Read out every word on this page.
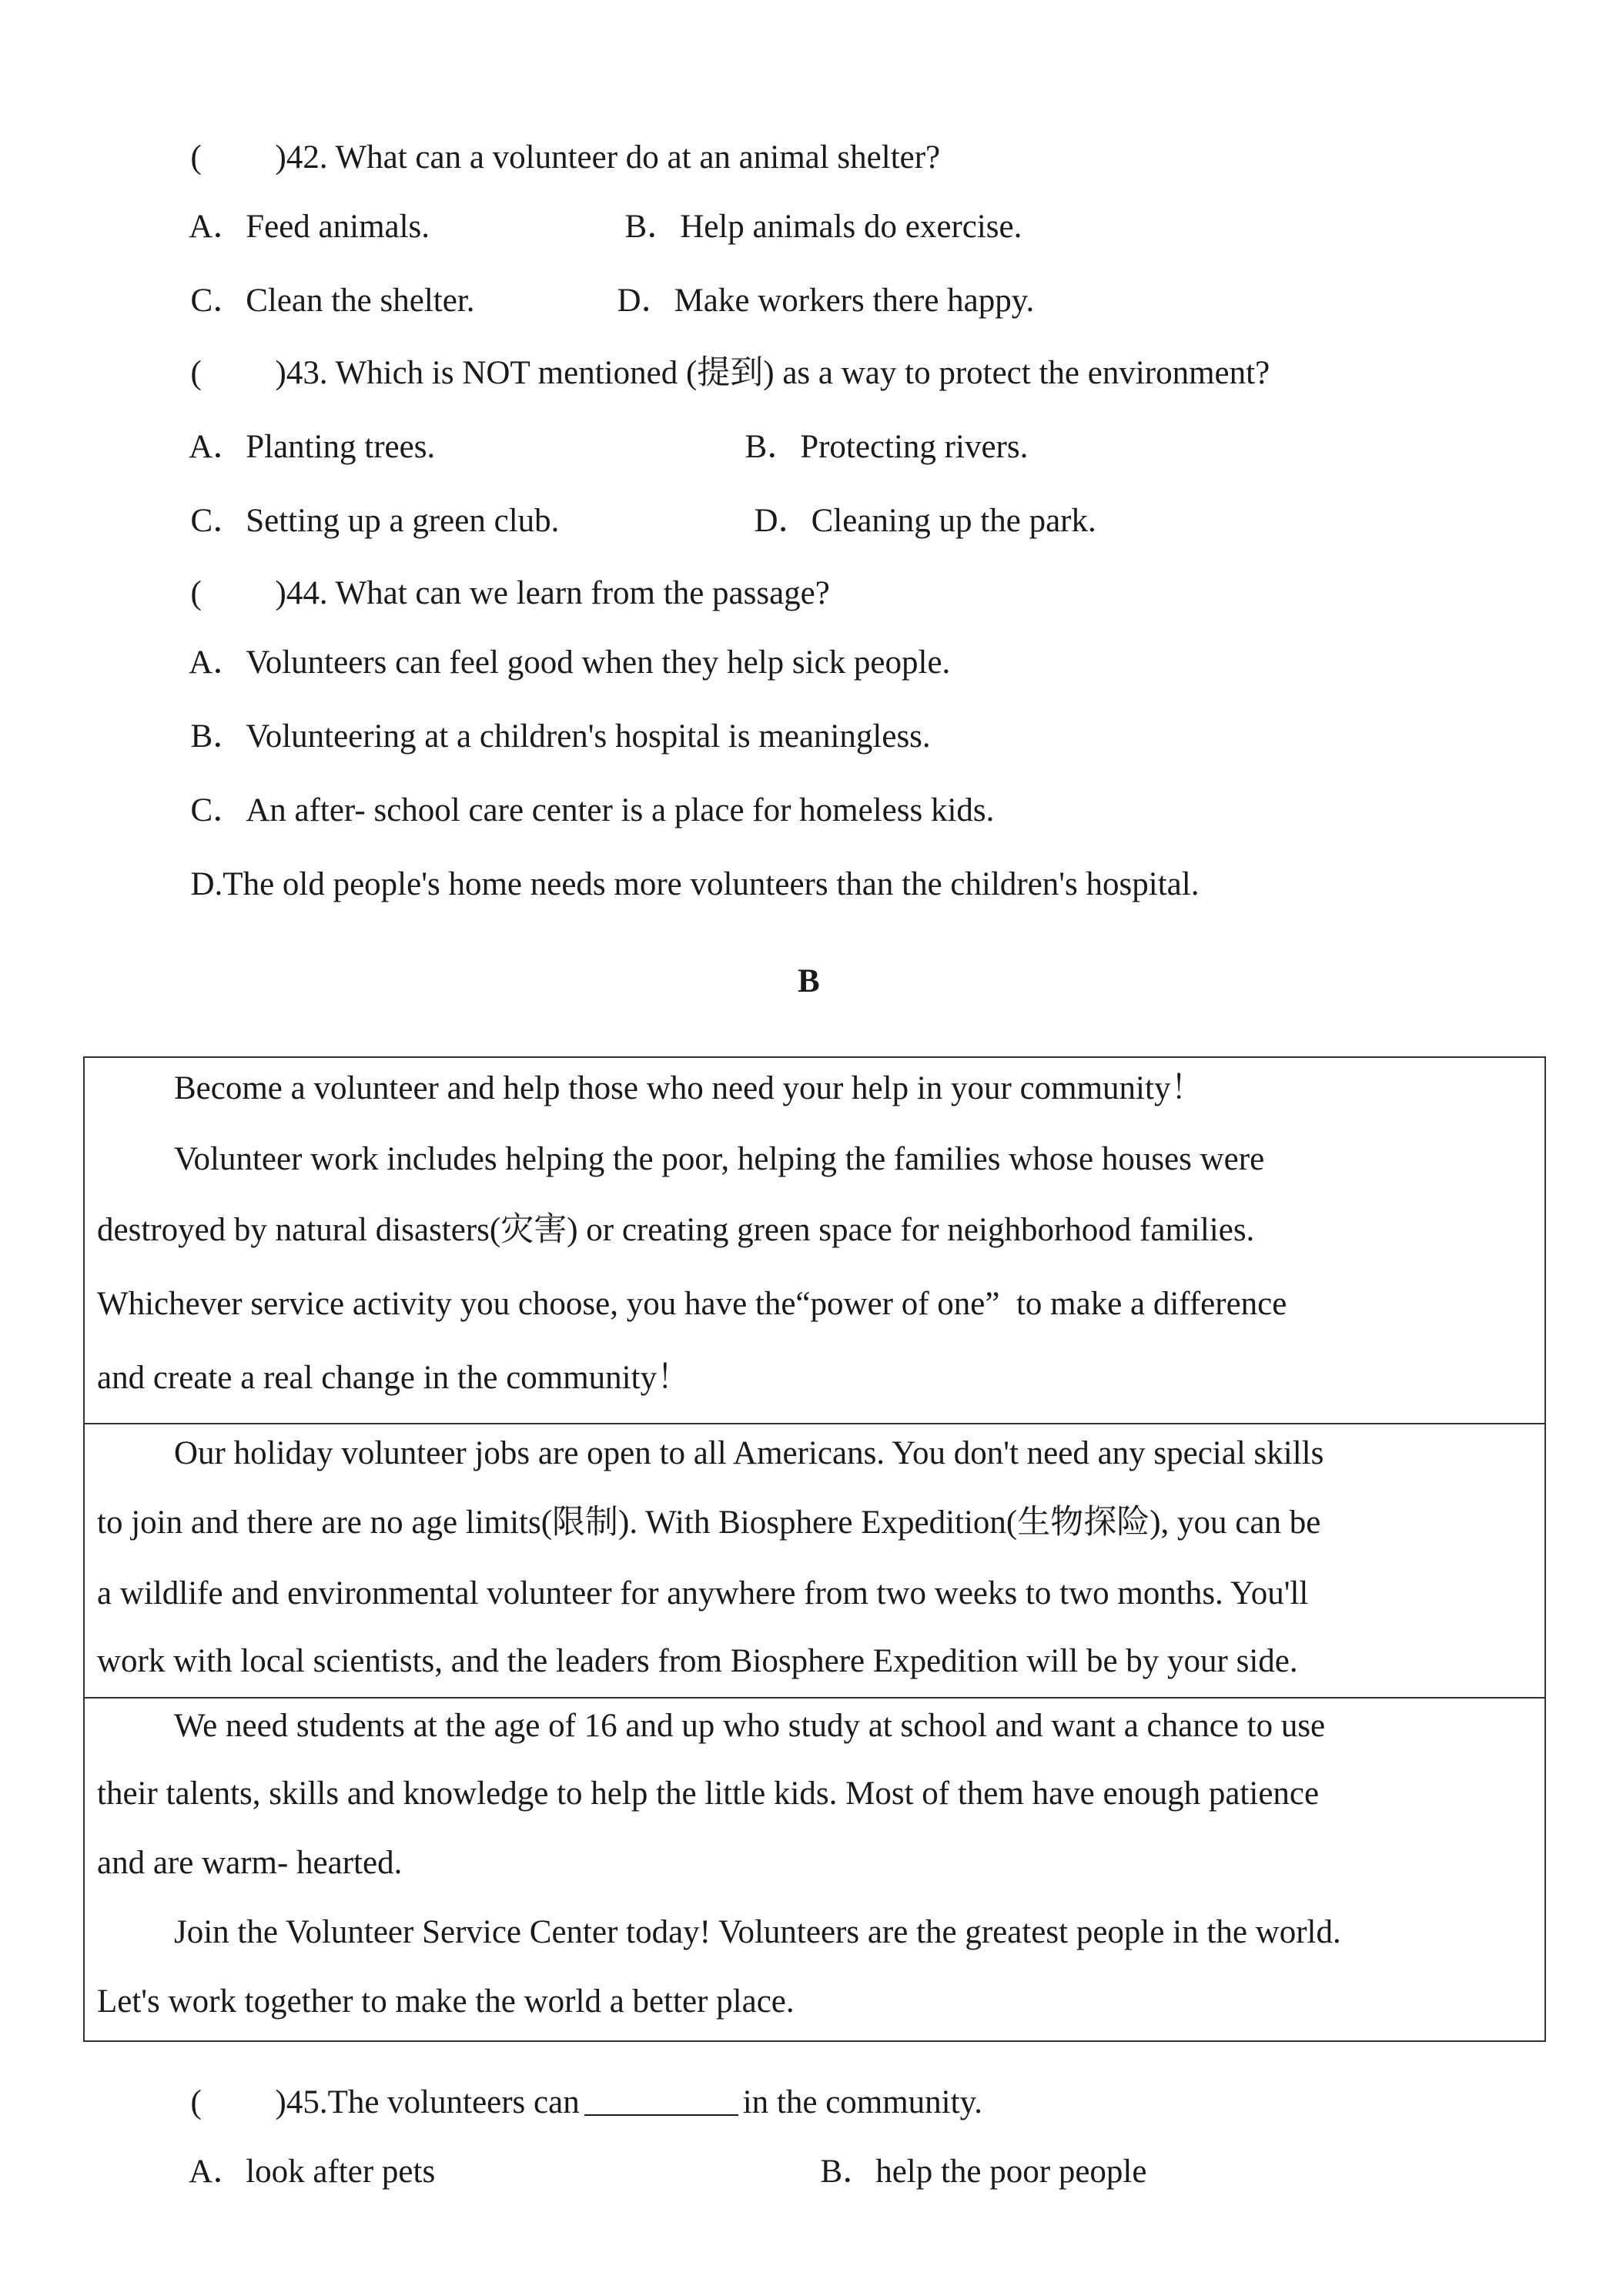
( )42. What can a volunteer do at an animal shelter?

A．Feed animals.	B．Help animals do exercise.

C．Clean the shelter.	D．Make workers there happy.

( )43. Which is NOT mentioned (提到) as a way to protect the environment?

A．Planting trees.	B．Protecting rivers.

C．Setting up a green club.	D．Cleaning up the park.

( )44. What can we learn from the passage?

A．Volunteers can feel good when they help sick people.

B．Volunteering at a children's hospital is meaningless.

C．An after- school care center is a place for homeless kids.

D.The old people's home needs more volunteers than the children's hospital.

B
Become a volunteer and help those who need your help in your community！
Volunteer work includes helping the poor, helping the families whose houses were
destroyed by natural disasters(灾害) or creating green space for neighborhood families.
Whichever service activity you choose, you have the“power of one”  to make a difference
and create a real change in the community！
Our holiday volunteer jobs are open to all Americans. You don't need any special skills
to join and there are no age limits(限制). With Biosphere Expedition(生物探险), you can be
a wildlife and environmental volunteer for anywhere from two weeks to two months. You'll
work with local scientists, and the leaders from Biosphere Expedition will be by your side.
We need students at the age of 16 and up who study at school and want a chance to use
their talents, skills and knowledge to help the little kids. Most of them have enough patience
and are warm- hearted.
Join the Volunteer Service Center today! Volunteers are the greatest people in the world.
Let's work together to make the world a better place.

( )45.The volunteers can	in the community.

A．look after pets	B．help the poor people
